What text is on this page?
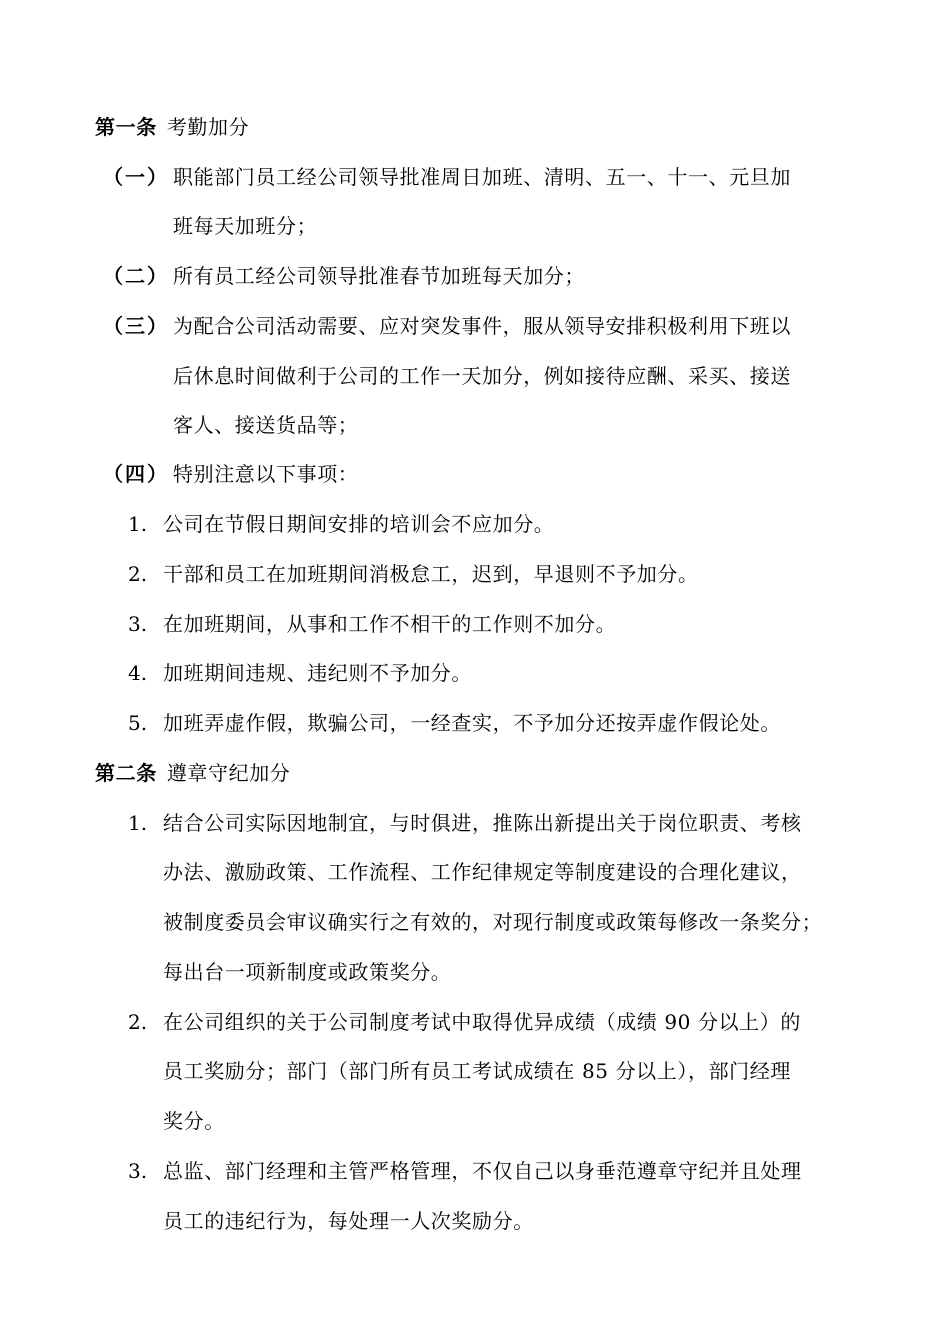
第一条 考勤加分
（一） 职能部门员工经公司领导批准周日加班、清明、五一、十一、元旦加
班每天加班分；
（二） 所有员工经公司领导批准春节加班每天加分；
（三） 为配合公司活动需要、应对突发事件，服从领导安排积极利用下班以
后休息时间做利于公司的工作一天加分，例如接待应酬、采买、接送
客人、接送货品等；
（四） 特别注意以下事项：
1. 公司在节假日期间安排的培训会不应加分。
2. 干部和员工在加班期间消极怠工，迟到，早退则不予加分。
3. 在加班期间，从事和工作不相干的工作则不加分。
4. 加班期间违规、违纪则不予加分。
5. 加班弄虚作假，欺骗公司，一经查实，不予加分还按弄虚作假论处。
第二条 遵章守纪加分
1. 结合公司实际因地制宜，与时俱进，推陈出新提出关于岗位职责、考核
办法、激励政策、工作流程、工作纪律规定等制度建设的合理化建议，
被制度委员会审议确实行之有效的，对现行制度或政策每修改一条奖分；
每出台一项新制度或政策奖分。
2. 在公司组织的关于公司制度考试中取得优异成绩（成绩 90 分以上）的
员工奖励分；部门（部门所有员工考试成绩在 85 分以上），部门经理
奖分。
3. 总监、部门经理和主管严格管理，不仅自己以身垂范遵章守纪并且处理
员工的违纪行为，每处理一人次奖励分。
